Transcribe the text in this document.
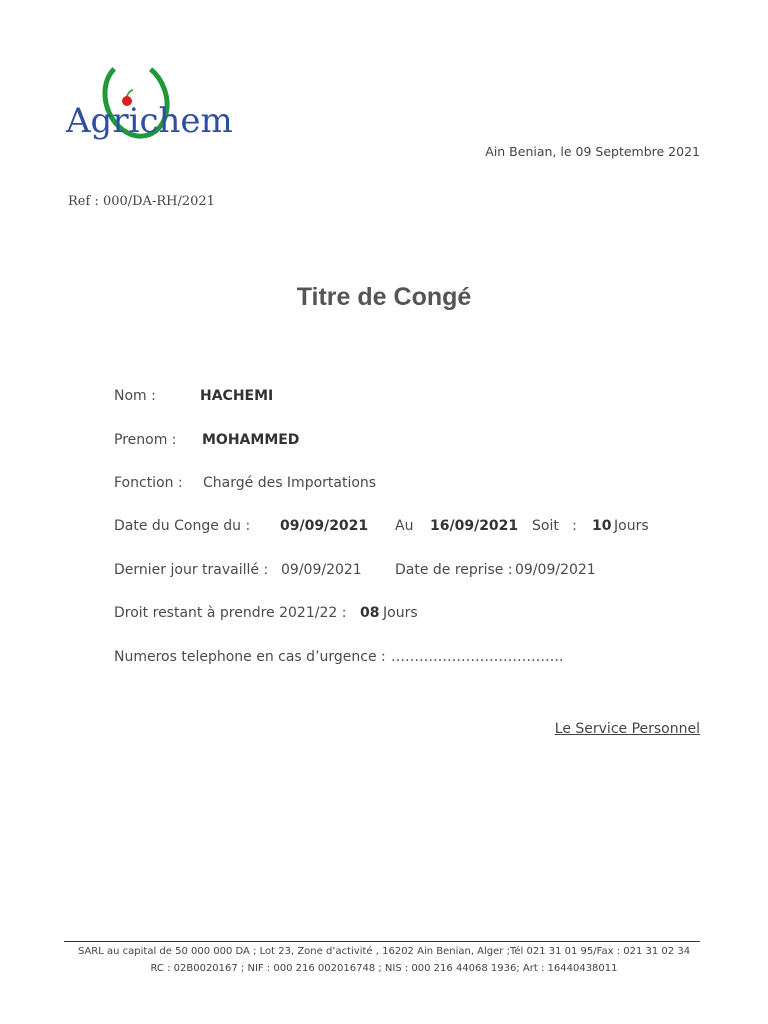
Agrichem
Ain Benian, le 09 Septembre 2021
Ref : 000/DA-RH/2021
Titre de Congé
Nom :	HACHEMI
Prenom : MOHAMMED
Fonction : Chargé des Importations
Date du Conge du : 09/09/2021 Au 16/09/2021 Soit   : 10 Jours
Dernier jour travaillé : 09/09/2021 Date de reprise : 09/09/2021
Droit restant à prendre 2021/22 : 08 Jours
Numeros telephone en cas d’urgence : ……………………………….
Le Service Personnel
SARL au capital de 50 000 000 DA ; Lot 23, Zone d’activité , 16202 Ain Benian, Alger ;Tél 021 31 01 95/Fax : 021 31 02 34
RC : 02B0020167 ; NIF : 000 216 002016748 ; NIS : 000 216 44068 1936; Art : 16440438011
